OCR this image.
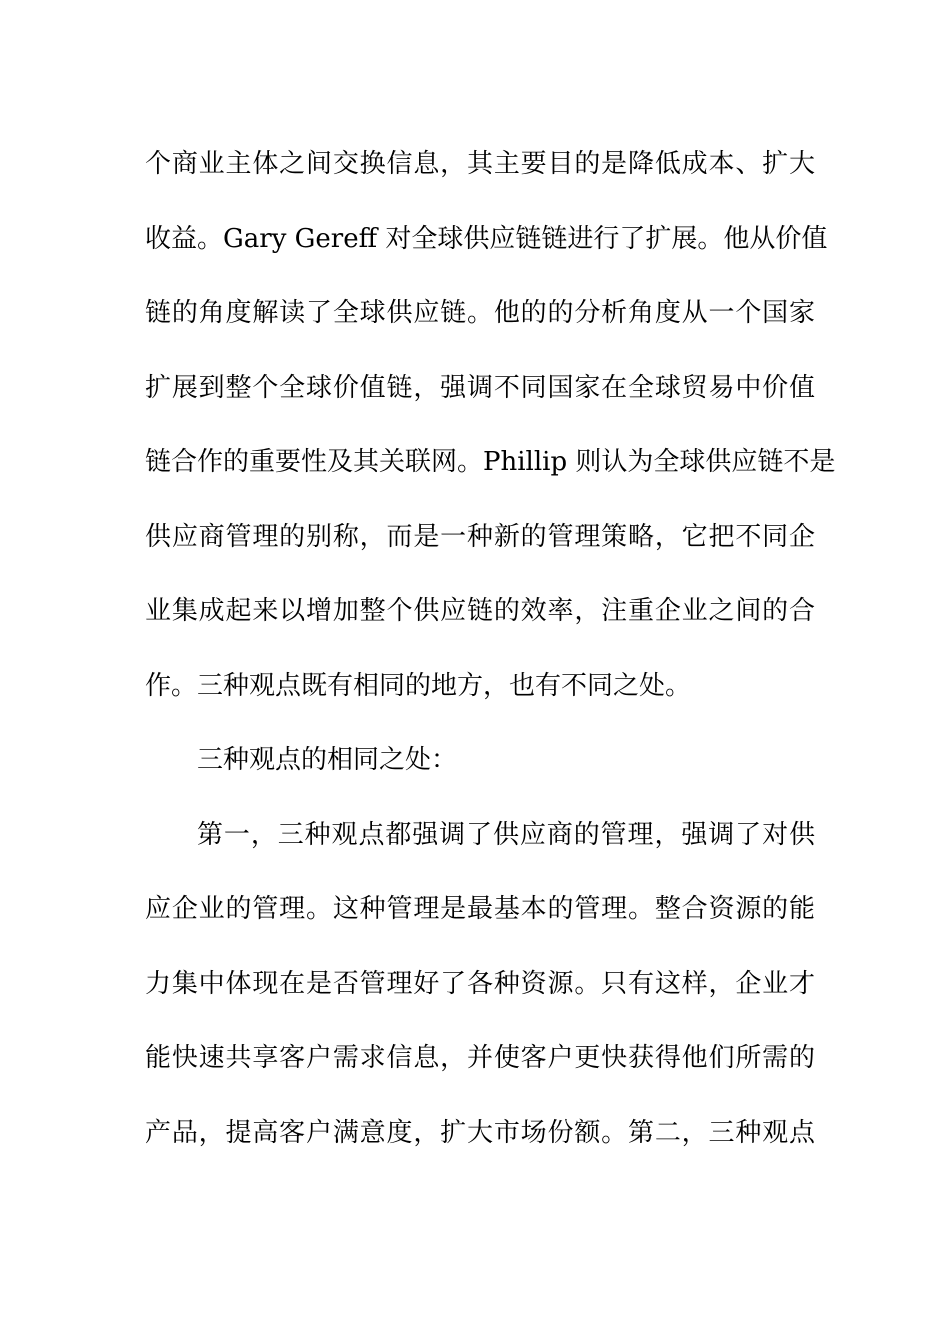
个商业主体之间交换信息，其主要目的是降低成本、扩大
收益。Gary Gereff 对全球供应链链进行了扩展。他从价值
链的角度解读了全球供应链。他的的分析角度从一个国家
扩展到整个全球价值链，强调不同国家在全球贸易中价值
链合作的重要性及其关联网。Phillip 则认为全球供应链不是
供应商管理的别称，而是一种新的管理策略，它把不同企
业集成起来以增加整个供应链的效率，注重企业之间的合
作。三种观点既有相同的地方，也有不同之处。
三种观点的相同之处：
第一，三种观点都强调了供应商的管理，强调了对供
应企业的管理。这种管理是最基本的管理。整合资源的能
力集中体现在是否管理好了各种资源。只有这样，企业才
能快速共享客户需求信息，并使客户更快获得他们所需的
产品，提高客户满意度，扩大市场份额。第二，三种观点
